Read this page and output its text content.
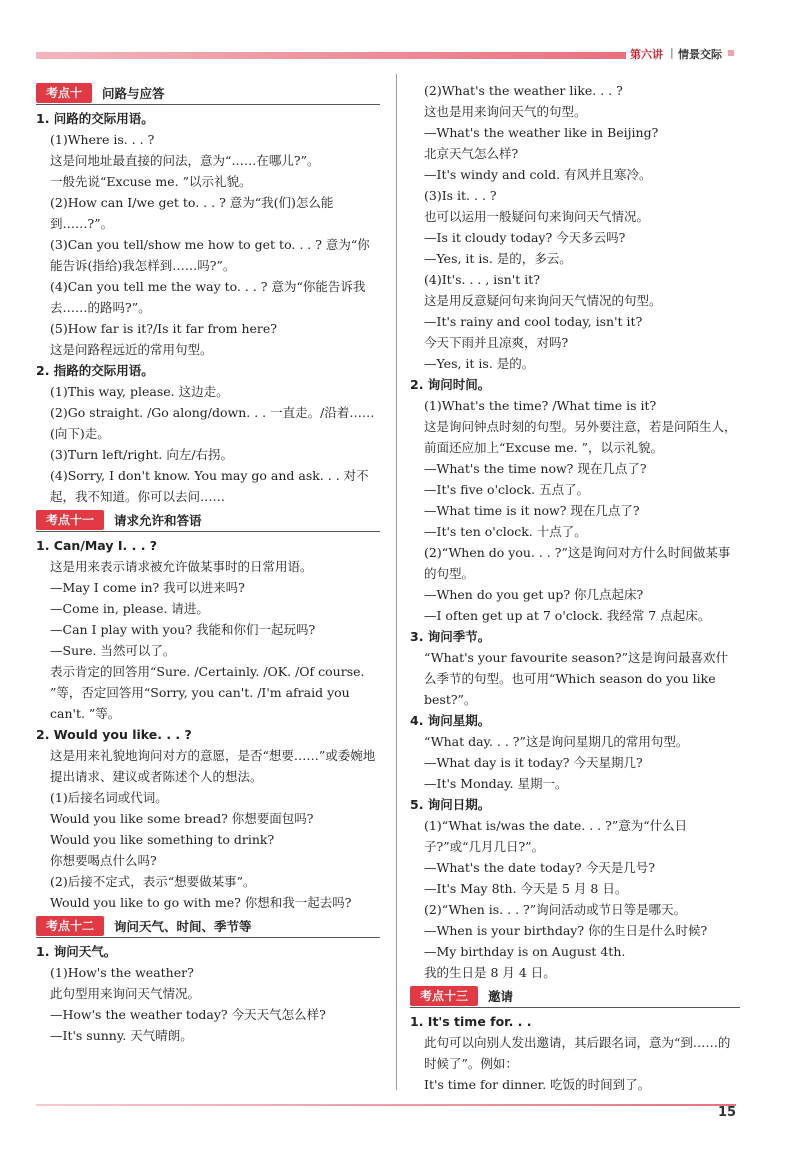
第六讲 | 情景交际
考点十	问路与应答
1. 问路的交际用语。
(1)Where is. . . ?
这是问地址最直接的问法，意为“……在哪儿?”。
一般先说“Excuse me. ”以示礼貌。
(2)How can I/we get to. . . ? 意为“我(们)怎么能到……?”。
(3)Can you tell/show me how to get to. . . ? 意为“你能告诉(指给)我怎样到……吗?”。
(4)Can you tell me the way to. . . ? 意为“你能告诉我去……的路吗?”。
(5)How far is it?/Is it far from here?
这是问路程远近的常用句型。
2. 指路的交际用语。
(1)This way, please. 这边走。
(2)Go straight. /Go along/down. . . 一直走。/沿着……(向下)走。
(3)Turn left/right. 向左/右拐。
(4)Sorry, I don't know. You may go and ask. . . 对不起，我不知道。你可以去问……
考点十一	请求允许和答语
1. Can/May I. . . ?
这是用来表示请求被允许做某事时的日常用语。
—May I come in? 我可以进来吗?
—Come in, please. 请进。
—Can I play with you? 我能和你们一起玩吗?
—Sure. 当然可以了。
表示肯定的回答用“Sure. /Certainly. /OK. /Of course. ”等，否定回答用“Sorry, you can't. /I'm afraid you can't. ”等。
2. Would you like. . . ?
这是用来礼貌地询问对方的意愿，是否“想要……”或委婉地提出请求、建议或者陈述个人的想法。
(1)后接名词或代词。
Would you like some bread? 你想要面包吗?
Would you like something to drink?
你想要喝点什么吗?
(2)后接不定式，表示“想要做某事”。
Would you like to go with me? 你想和我一起去吗?
考点十二	询问天气、时间、季节等
1. 询问天气。
(1)How's the weather?
此句型用来询问天气情况。
—How's the weather today? 今天天气怎么样?
—It's sunny. 天气晴朗。
(2)What's the weather like. . . ?
这也是用来询问天气的句型。
—What's the weather like in Beijing?
北京天气怎么样?
—It's windy and cold. 有风并且寒冷。
(3)Is it. . . ?
也可以运用一般疑问句来询问天气情况。
—Is it cloudy today? 今天多云吗?
—Yes, it is. 是的，多云。
(4)It's. . . , isn't it?
这是用反意疑问句来询问天气情况的句型。
—It's rainy and cool today, isn't it?
今天下雨并且凉爽，对吗?
—Yes, it is. 是的。
2. 询问时间。
(1)What's the time? /What time is it?
这是询问钟点时刻的句型。另外要注意，若是问陌生人，前面还应加上“Excuse me. ”，以示礼貌。
—What's the time now? 现在几点了?
—It's five o'clock. 五点了。
—What time is it now? 现在几点了?
—It's ten o'clock. 十点了。
(2)“When do you. . . ?”这是询问对方什么时间做某事的句型。
—When do you get up? 你几点起床?
—I often get up at 7 o'clock. 我经常 7 点起床。
3. 询问季节。
“What's your favourite season?”这是询问最喜欢什么季节的句型。也可用“Which season do you like best?”。
4. 询问星期。
“What day. . . ?”这是询问星期几的常用句型。
—What day is it today? 今天星期几?
—It's Monday. 星期一。
5. 询问日期。
(1)“What is/was the date. . . ?”意为“什么日子?”或“几月几日?”。
—What's the date today? 今天是几号?
—It's May 8th. 今天是 5 月 8 日。
(2)“When is. . . ?”询问活动或节日等是哪天。
—When is your birthday? 你的生日是什么时候?
—My birthday is on August 4th.
我的生日是 8 月 4 日。
考点十三	邀请
1. It's time for. . .
此句可以向别人发出邀请，其后跟名词，意为“到……的时候了”。例如：
It's time for dinner. 吃饭的时间到了。
15
